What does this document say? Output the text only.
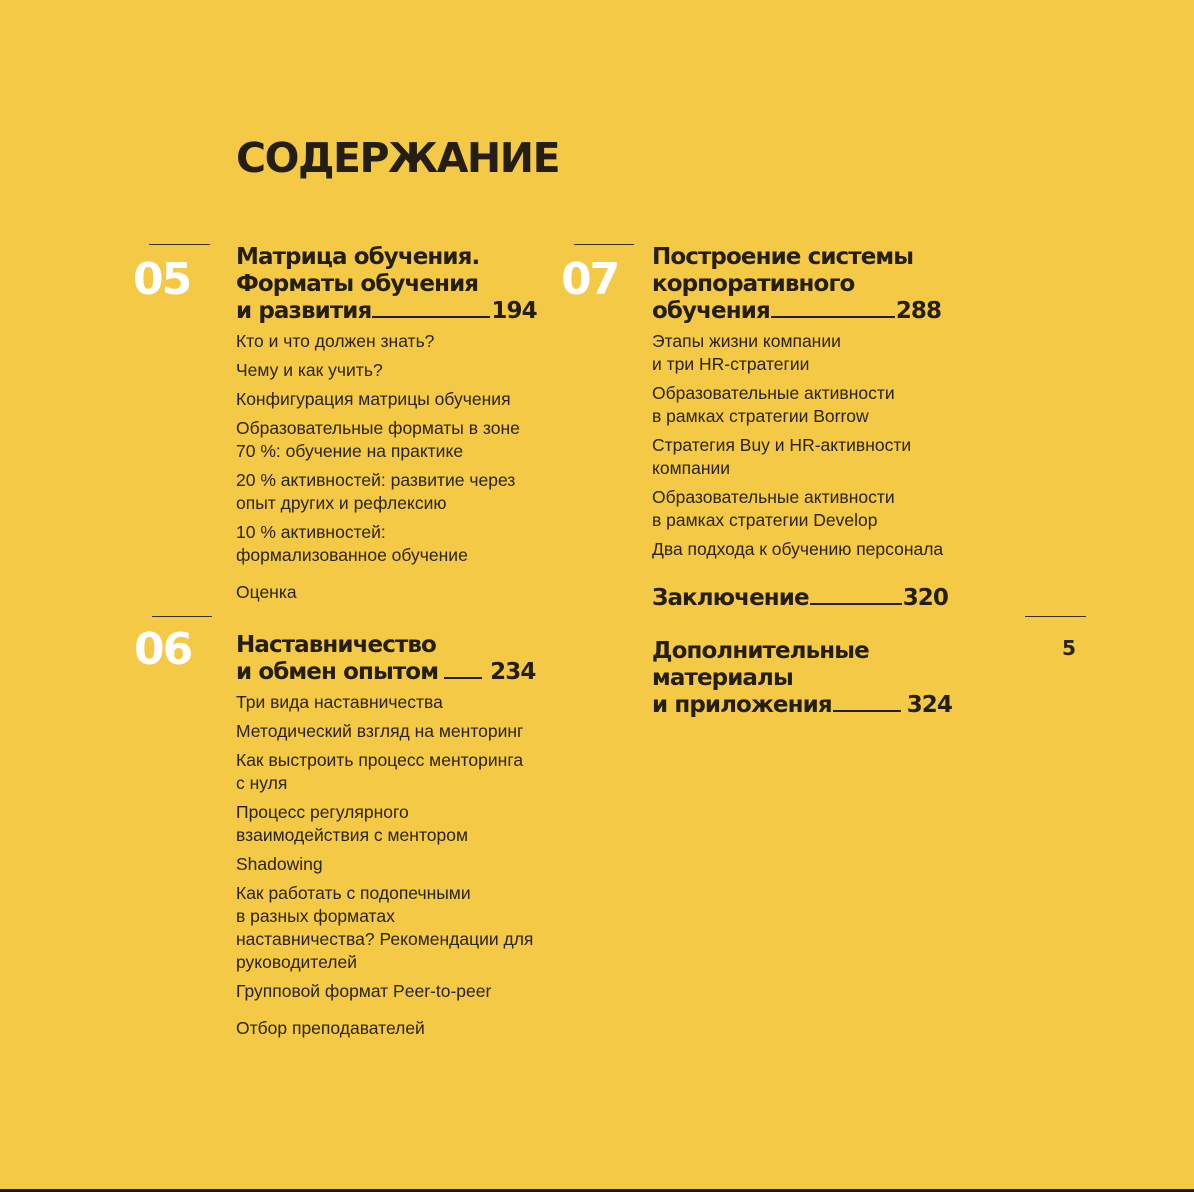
СОДЕРЖАНИЕ
05 Матрица обучения.
Форматы обучения
и развития	194
Кто и что должен знать?
Чему и как учить?
Конфигурация матрицы обучения
Образовательные форматы в зоне
70 %: обучение на практике
20 % активностей: развитие через
опыт других и рефлексию
10 % активностей:
формализованное обучение
Оценка
06 Наставничество
и обмен опытом 234
Три вида наставничества
Методический взгляд на менторинг
Как выстроить процесс менторинга
с нуля
Процесс регулярного
взаимодействия с ментором
Shadowing
Как работать с подопечными
в разных форматах
наставничества? Рекомендации для
руководителей
Групповой формат Peer-to-peer
Отбор преподавателей
07 Построение системы
корпоративного
обучения	288
Этапы жизни компании
и три HR-стратегии
Образовательные активности
в рамках стратегии Borrow
Стратегия Buy и HR-активности
компании
Образовательные активности
в рамках стратегии Develop
Два подхода к обучению персонала
Заключение	320
Дополнительные
материалы
и приложения	324
5
